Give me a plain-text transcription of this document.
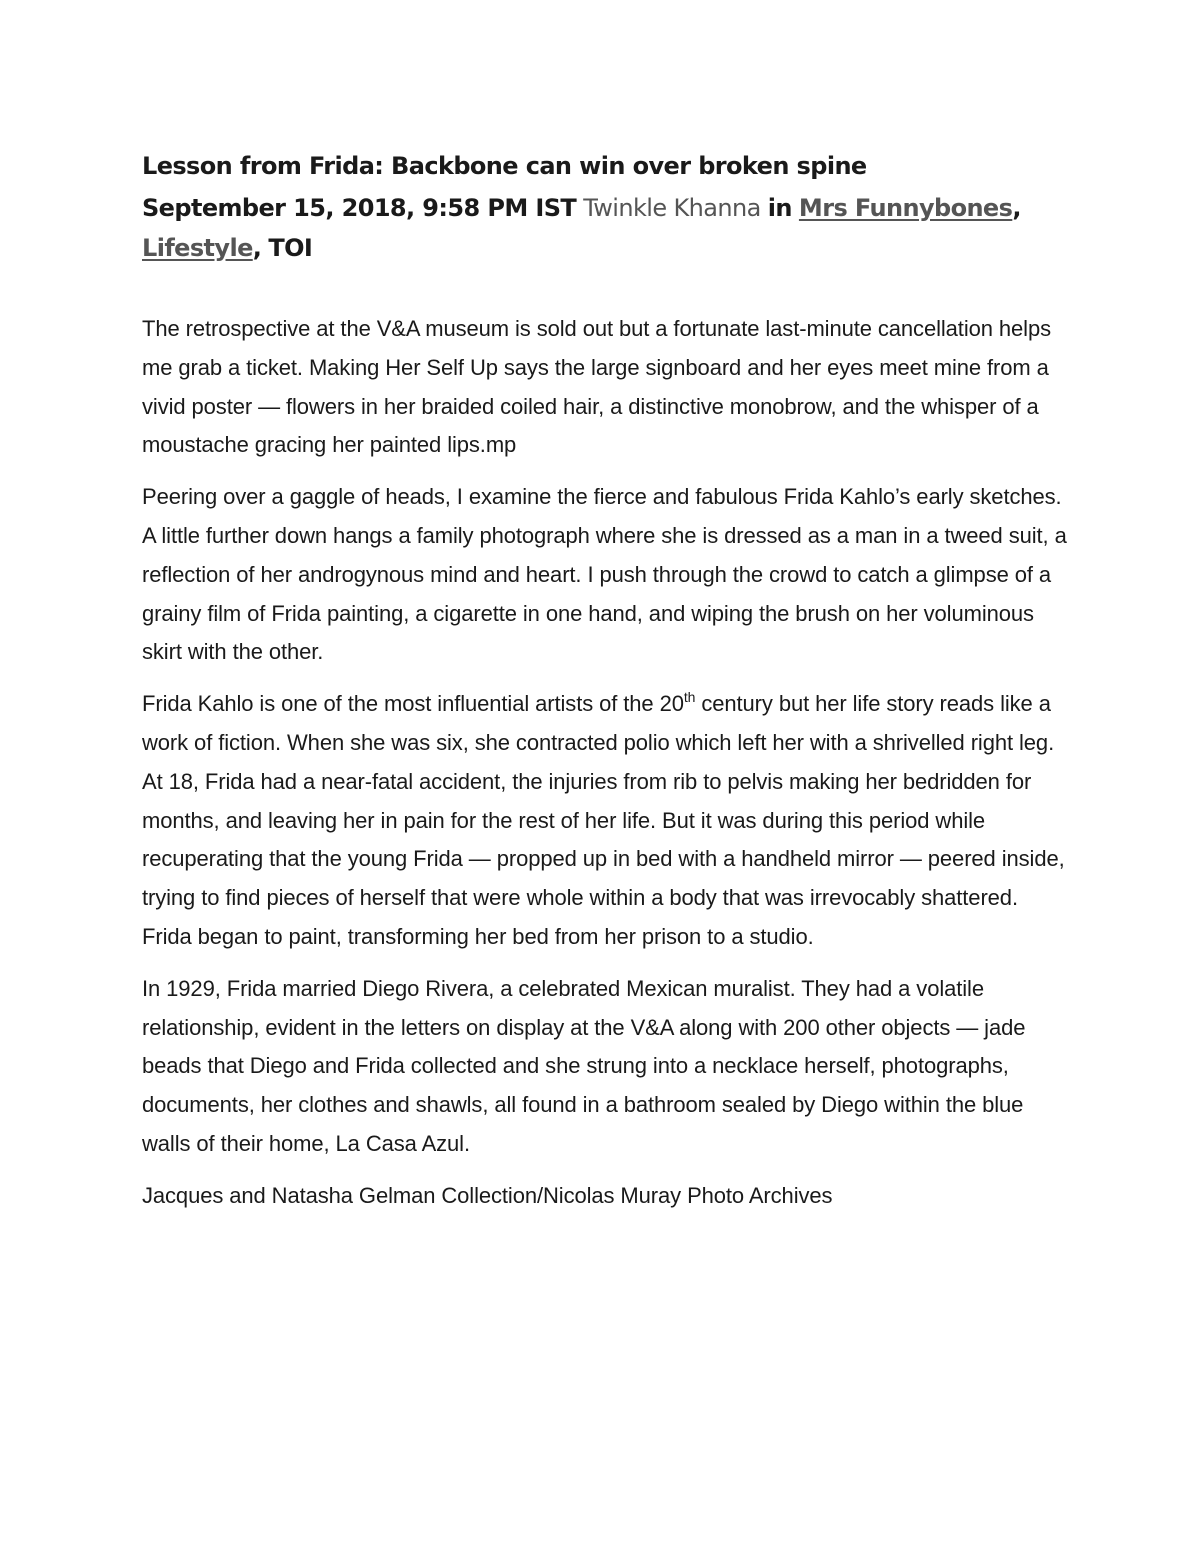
Lesson from Frida: Backbone can win over broken spine
September 15, 2018, 9:58 PM IST Twinkle Khanna in Mrs Funnybones, Lifestyle, TOI

The retrospective at the V&A museum is sold out but a fortunate last-minute cancellation helps me grab a ticket. Making Her Self Up says the large signboard and her eyes meet mine from a vivid poster — flowers in her braided coiled hair, a distinctive monobrow, and the whisper of a moustache gracing her painted lips.mp

Peering over a gaggle of heads, I examine the fierce and fabulous Frida Kahlo’s early sketches. A little further down hangs a family photograph where she is dressed as a man in a tweed suit, a reflection of her androgynous mind and heart. I push through the crowd to catch a glimpse of a grainy film of Frida painting, a cigarette in one hand, and wiping the brush on her voluminous skirt with the other.

Frida Kahlo is one of the most influential artists of the 20th century but her life story reads like a work of fiction. When she was six, she contracted polio which left her with a shrivelled right leg. At 18, Frida had a near-fatal accident, the injuries from rib to pelvis making her bedridden for months, and leaving her in pain for the rest of her life. But it was during this period while recuperating that the young Frida — propped up in bed with a handheld mirror — peered inside, trying to find pieces of herself that were whole within a body that was irrevocably shattered. Frida began to paint, transforming her bed from her prison to a studio.

In 1929, Frida married Diego Rivera, a celebrated Mexican muralist. They had a volatile relationship, evident in the letters on display at the V&A along with 200 other objects — jade beads that Diego and Frida collected and she strung into a necklace herself, photographs, documents, her clothes and shawls, all found in a bathroom sealed by Diego within the blue walls of their home, La Casa Azul.

Jacques and Natasha Gelman Collection/Nicolas Muray Photo Archives
